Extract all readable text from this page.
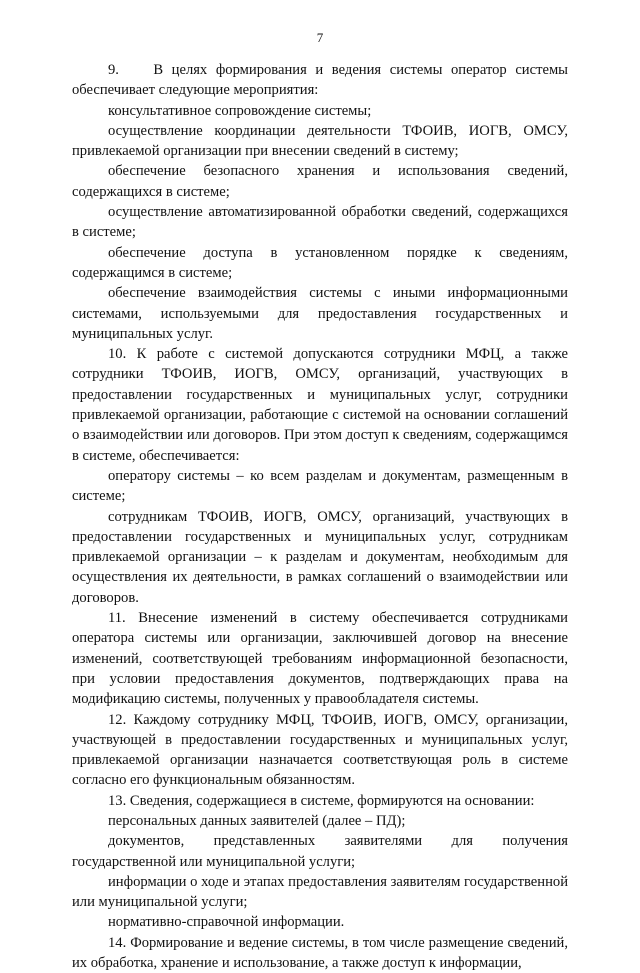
7

9.    В целях формирования и ведения системы оператор системы обеспечивает следующие мероприятия:

консультативное сопровождение системы;

осуществление координации деятельности ТФОИВ, ИОГВ, ОМСУ, привлекаемой организации при внесении сведений в систему;

обеспечение безопасного хранения и использования сведений, содержащихся в системе;

осуществление автоматизированной обработки сведений, содержащихся в системе;

обеспечение доступа в установленном порядке к сведениям, содержащимся в системе;

обеспечение взаимодействия системы с иными информационными системами, используемыми для предоставления государственных и муниципальных услуг.

10. К работе с системой допускаются сотрудники МФЦ, а также сотрудники ТФОИВ, ИОГВ, ОМСУ, организаций, участвующих в предоставлении государственных и муниципальных услуг, сотрудники привлекаемой организации, работающие с системой на основании соглашений о взаимодействии или договоров. При этом доступ к сведениям, содержащимся в системе, обеспечивается:

оператору системы – ко всем разделам и документам, размещенным в системе;

сотрудникам ТФОИВ, ИОГВ, ОМСУ, организаций, участвующих в предоставлении государственных и муниципальных услуг, сотрудникам привлекаемой организации – к разделам и документам, необходимым для осуществления их деятельности, в рамках соглашений о взаимодействии или договоров.

11. Внесение изменений в систему обеспечивается сотрудниками оператора системы или организации, заключившей договор на внесение изменений, соответствующей требованиям информационной безопасности, при условии предоставления документов, подтверждающих права на модификацию системы, полученных у правообладателя системы.

12. Каждому сотруднику МФЦ, ТФОИВ, ИОГВ, ОМСУ, организации, участвующей в предоставлении государственных и муниципальных услуг, привлекаемой организации назначается соответствующая роль в системе согласно его функциональным обязанностям.

13. Сведения, содержащиеся в системе, формируются на основании:

персональных данных заявителей (далее – ПД);

документов, представленных заявителями для получения государственной или муниципальной услуги;

информации о ходе и этапах предоставления заявителям государственной или муниципальной услуги;

нормативно-справочной информации.

14. Формирование и ведение системы, в том числе размещение сведений, их обработка, хранение и использование, а также доступ к информации,
